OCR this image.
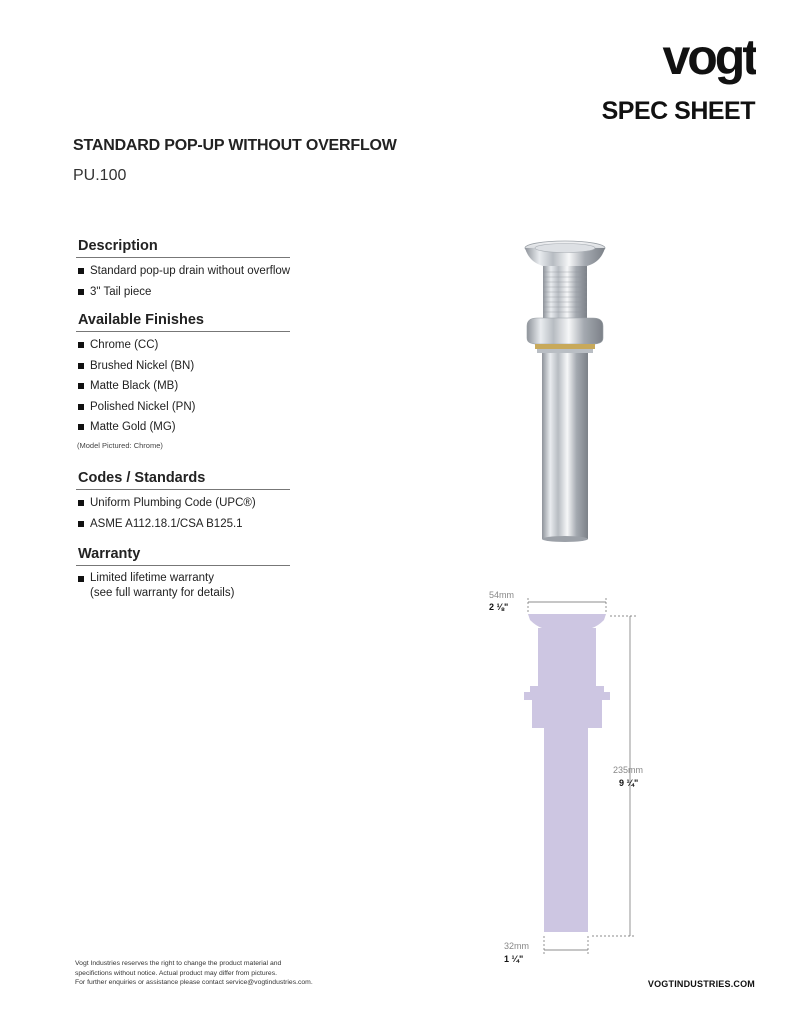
vogt
SPEC SHEET
STANDARD POP-UP WITHOUT OVERFLOW
PU.100
Description
Standard pop-up drain without overflow
3" Tail piece
Available Finishes
Chrome (CC)
Brushed Nickel (BN)
Matte Black (MB)
Polished Nickel (PN)
Matte Gold (MG)
(Model Pictured: Chrome)
Codes / Standards
Uniform Plumbing Code (UPC®)
ASME A112.18.1/CSA B125.1
Warranty
Limited lifetime warranty
(see full warranty for details)	54mm
2 ⅛"
235mm
9 ¼"
32mm
1 ¼"
Vogt Industries reserves the right to change the product material and
specifictions without notice. Actual product may differ from pictures.
For further enquiries or assistance please contact service@vogtindustries.com.	VOGTINDUSTRIES.COM
